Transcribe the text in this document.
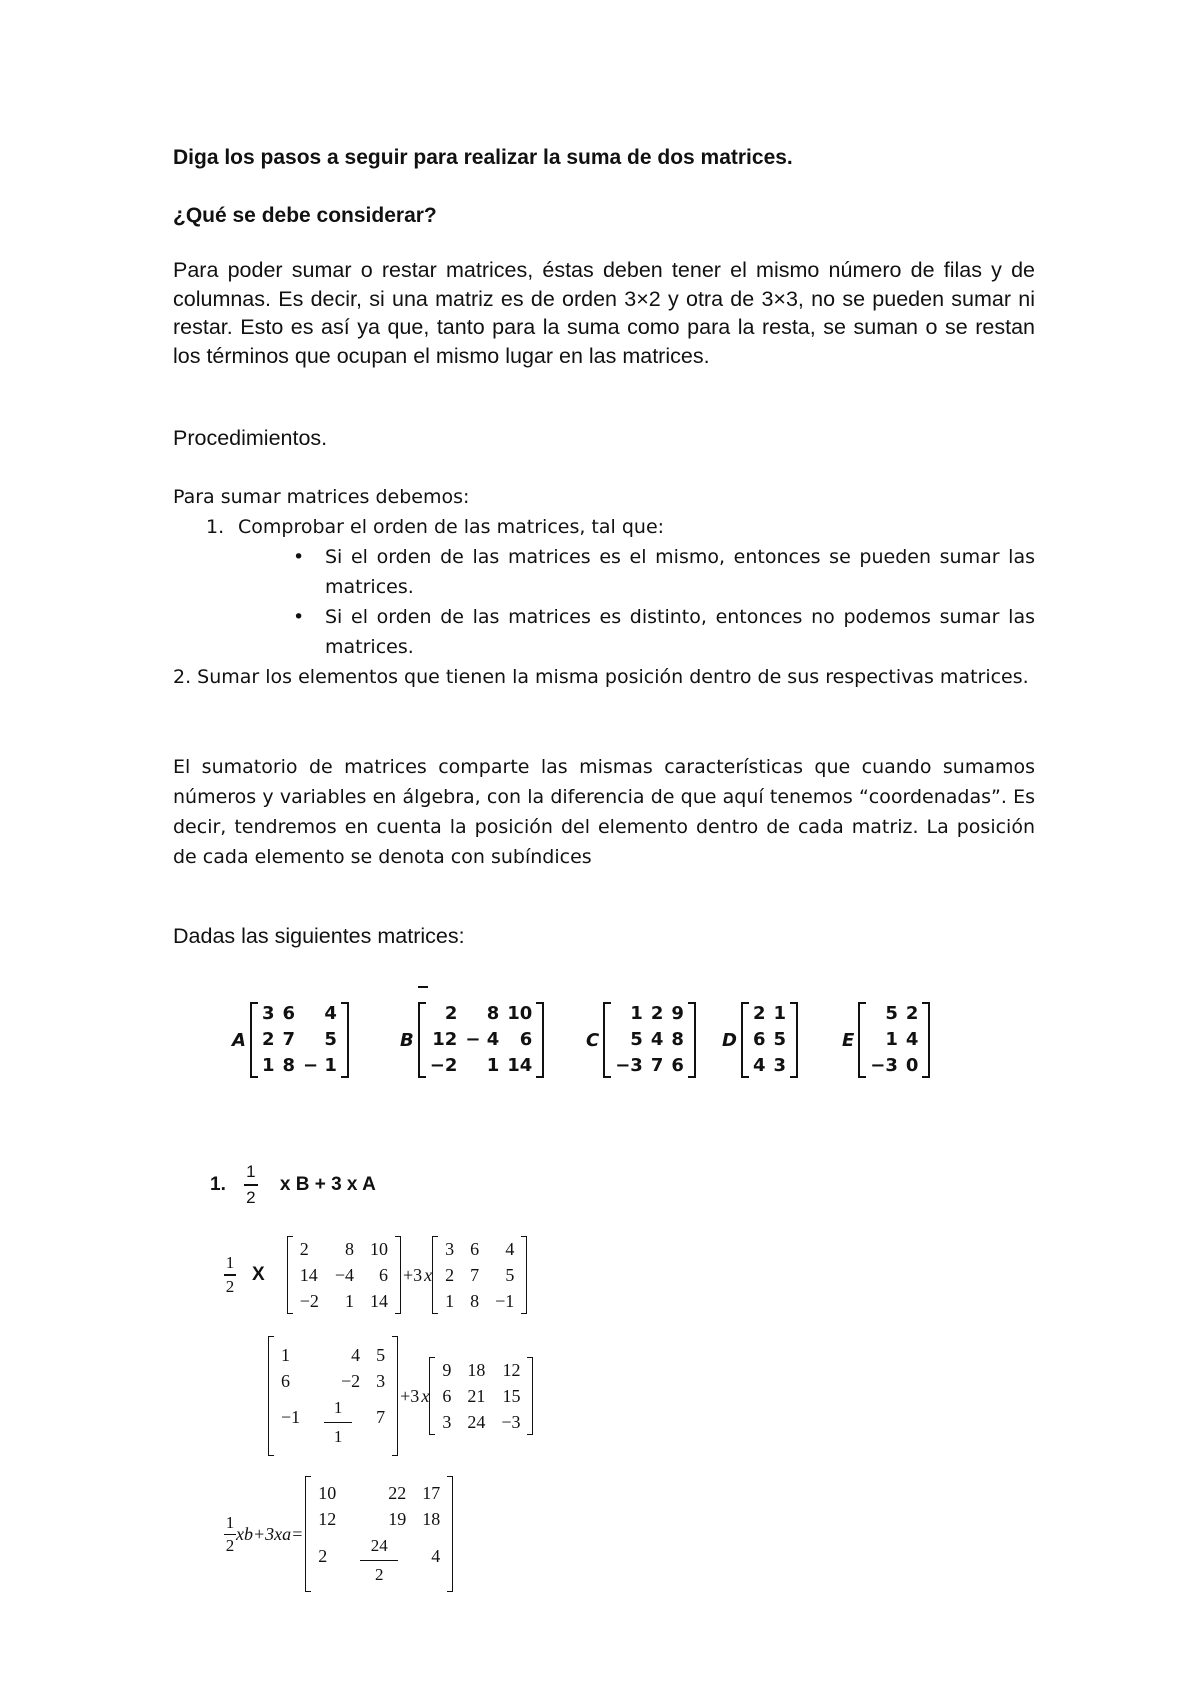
Diga los pasos a seguir para realizar la suma de dos matrices.
¿Qué se debe considerar?
Para poder sumar o restar matrices, éstas deben tener el mismo número de filas y de columnas. Es decir, si una matriz es de orden 3×2 y otra de 3×3, no se pueden sumar ni restar. Esto es así ya que, tanto para la suma como para la resta, se suman o se restan los términos que ocupan el mismo lugar en las matrices.
Procedimientos.
Para sumar matrices debemos:
1. Comprobar el orden de las matrices, tal que:
• Si el orden de las matrices es el mismo, entonces se pueden sumar las matrices.
• Si el orden de las matrices es distinto, entonces no podemos sumar las matrices.
2. Sumar los elementos que tienen la misma posición dentro de sus respectivas matrices.
El sumatorio de matrices comparte las mismas características que cuando sumamos números y variables en álgebra, con la diferencia de que aquí tenemos “coordenadas”. Es decir, tendremos en cuenta la posición del elemento dentro de cada matriz. La posición de cada elemento se denota con subíndices
Dadas las siguientes matrices:
A
3 6	4
2 7	5
1 8 − 1
B
2	8 10
12 − 4	6
−2	1 14
C
1 2 9
5 4 8
−3 7 6
D
2 1
6 5
4 3
E
5 2
1 4
−3 0
1. $\frac{1}{2}$ x B + 3 x A
1
2
X
2	8 10
14 −4	6
−2	1 14
+3 x
3 6	4
2 7	5
1 8 −1
1	4 5
6	−2 3
$-1 \frac{1}{1} 7$
+3 x
9 18 12
6 21 15
3 24 −3
1
2
xb+3 xa=
10	22 17
12	19 18
2	$\frac{24}{2}$	4
